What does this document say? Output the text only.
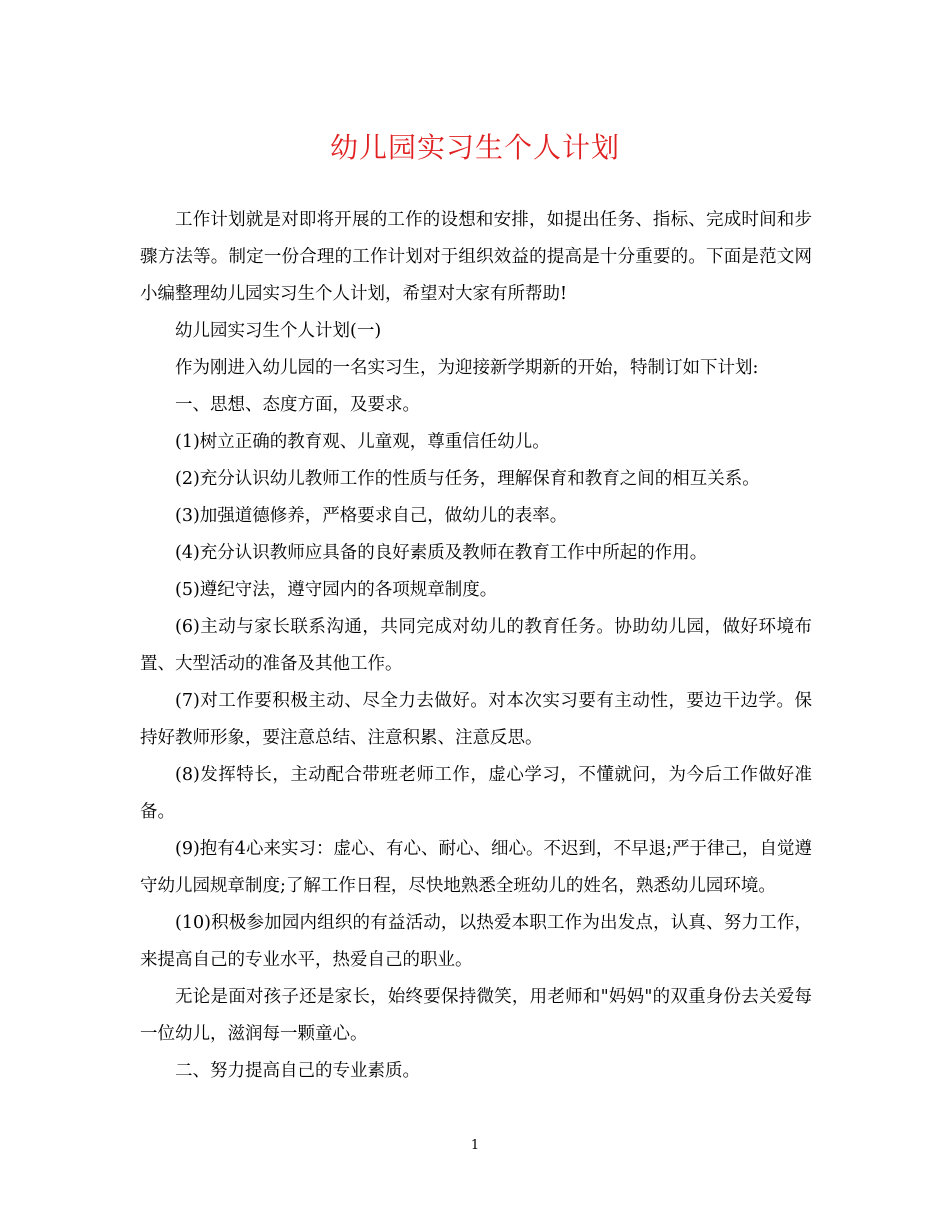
幼儿园实习生个人计划

工作计划就是对即将开展的工作的设想和安排，如提出任务、指标、完成时间和步骤方法等。制定一份合理的工作计划对于组织效益的提高是十分重要的。下面是范文网小编整理幼儿园实习生个人计划，希望对大家有所帮助!

幼儿园实习生个人计划(一)

作为刚进入幼儿园的一名实习生，为迎接新学期新的开始，特制订如下计划:

一、思想、态度方面，及要求。

(1)树立正确的教育观、儿童观，尊重信任幼儿。

(2)充分认识幼儿教师工作的性质与任务，理解保育和教育之间的相互关系。

(3)加强道德修养，严格要求自己，做幼儿的表率。

(4)充分认识教师应具备的良好素质及教师在教育工作中所起的作用。

(5)遵纪守法，遵守园内的各项规章制度。

(6)主动与家长联系沟通，共同完成对幼儿的教育任务。协助幼儿园，做好环境布置、大型活动的准备及其他工作。

(7)对工作要积极主动、尽全力去做好。对本次实习要有主动性，要边干边学。保持好教师形象，要注意总结、注意积累、注意反思。

(8)发挥特长，主动配合带班老师工作，虚心学习，不懂就问，为今后工作做好准备。

(9)抱有4心来实习：虚心、有心、耐心、细心。不迟到，不早退;严于律己，自觉遵守幼儿园规章制度;了解工作日程，尽快地熟悉全班幼儿的姓名，熟悉幼儿园环境。

(10)积极参加园内组织的有益活动，以热爱本职工作为出发点，认真、努力工作，来提高自己的专业水平，热爱自己的职业。

无论是面对孩子还是家长，始终要保持微笑，用老师和"妈妈"的双重身份去关爱每一位幼儿，滋润每一颗童心。

二、努力提高自己的专业素质。

1
